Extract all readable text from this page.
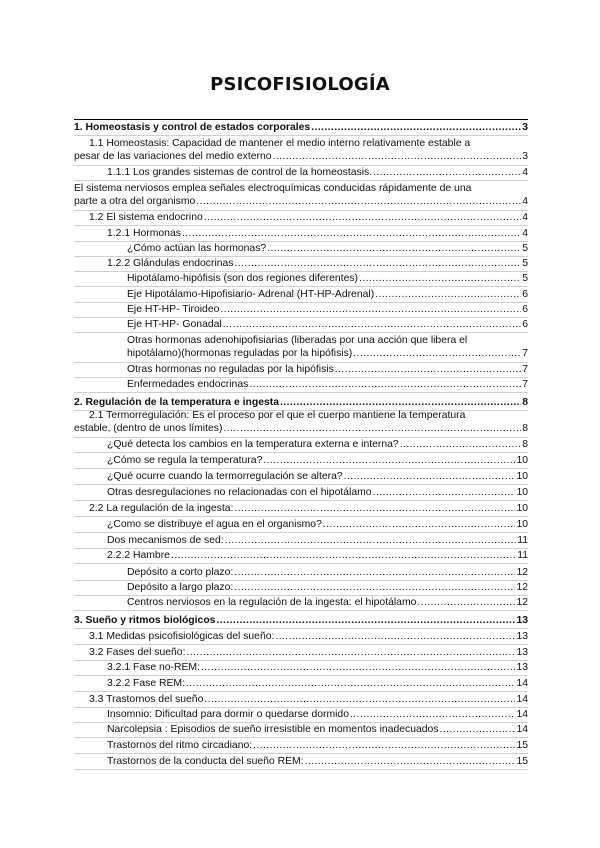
PSICOFISIOLOGÍA
1. Homeostasis y control de estados corporales .....	3
1.1 Homeostasis: Capacidad de mantener el medio interno relativamente estable a
pesar de las variaciones del medio externo .....	3
1.1.1 Los grandes sistemas de control de la homeostasis. .....	4
El sistema nerviosos emplea señales electroquímicas conducidas rápidamente de una
parte a otra del organismo .....	4
1.2 El sistema endocrino .....	4
1.2.1 Hormonas .....	4
¿Cómo actúan las hormonas? .....	5
1.2.2 Glándulas endocrinas .....	5
Hipotálamo-hipófisis (son dos regiones diferentes) .....	5
Eje Hipotálamo-Hipofisiario- Adrenal (HT-HP-Adrenal) .....	6
Eje HT-HP- Tiroideo .....	6
Eje HT-HP- Gonadal .....	6
Otras hormonas adenohipofisiarias (liberadas por una acción que libera el
hipotálamo)(hormonas reguladas por la hipófisis) .....	7
Otras hormonas no reguladas por la hipófisis .....	7
Enfermedades endocrinas .....	7
2. Regulación de la temperatura e ingesta .....	8
2.1 Termorregulación: Es el proceso por el que el cuerpo mantiene la temperatura
estable, (dentro de unos límites) .....	8
¿Qué detecta los cambios en la temperatura externa e interna? .....	8
¿Cómo se regula la temperatura? .....	10
¿Qué ocurre cuando la termorregulación se altera? .....	10
Otras desregulaciones no relacionadas con el hipotálamo .....	10
2.2 La regulación de la ingesta: .....	10
¿Como se distribuye el agua en el organismo? .....	10
Dos mecanismos de sed: .....	11
2.2.2 Hambre .....	11
Depósito a corto plazo: .....	12
Depósito a largo plazo: .....	12
Centros nerviosos en la regulación de la ingesta: el hipotálamo .....	12
3. Sueño y ritmos biológicos .....	13
3.1 Medidas psicofisiológicas del sueño: .....	13
3.2 Fases del sueño: .....	13
3.2.1 Fase no-REM: .....	13
3.2.2 Fase REM: .....	14
3.3 Trastornos del sueño .....	14
Insomnio: Dificultad para dormir o quedarse dormido .....	14
Narcolepsia : Episodios de sueño irresistible en momentos inadecuados .....	14
Trastornos del ritmo circadiano: .....	15
Trastornos de la conducta del sueño REM: .....	15
